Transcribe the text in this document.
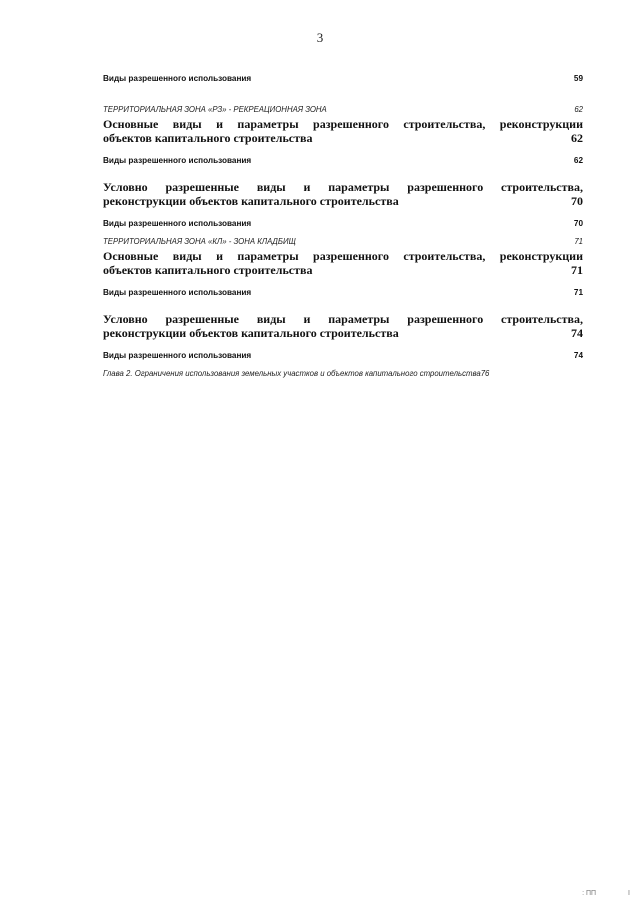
3
Виды разрешенного использования	59
ТЕРРИТОРИАЛЬНАЯ ЗОНА «РЗ» - РЕКРЕАЦИОННАЯ ЗОНА	62
Основные виды и параметры разрешенного строительства, реконструкции
объектов капитального строительства	62
Виды разрешенного использования	62
Условно разрешенные виды и параметры разрешенного строительства,
реконструкции объектов капитального строительства	70
Виды разрешенного использования	70
ТЕРРИТОРИАЛЬНАЯ ЗОНА «КЛ» - ЗОНА КЛАДБИЩ	71
Основные виды и параметры разрешенного строительства, реконструкции
объектов капитального строительства	71
Виды разрешенного использования	71
Условно разрешенные виды и параметры разрешенного строительства,
реконструкции объектов капитального строительства	74
Виды разрешенного использования	74
Глава 2. Ограничения использования земельных участков и объектов капитального строительства76
: ПП	I
